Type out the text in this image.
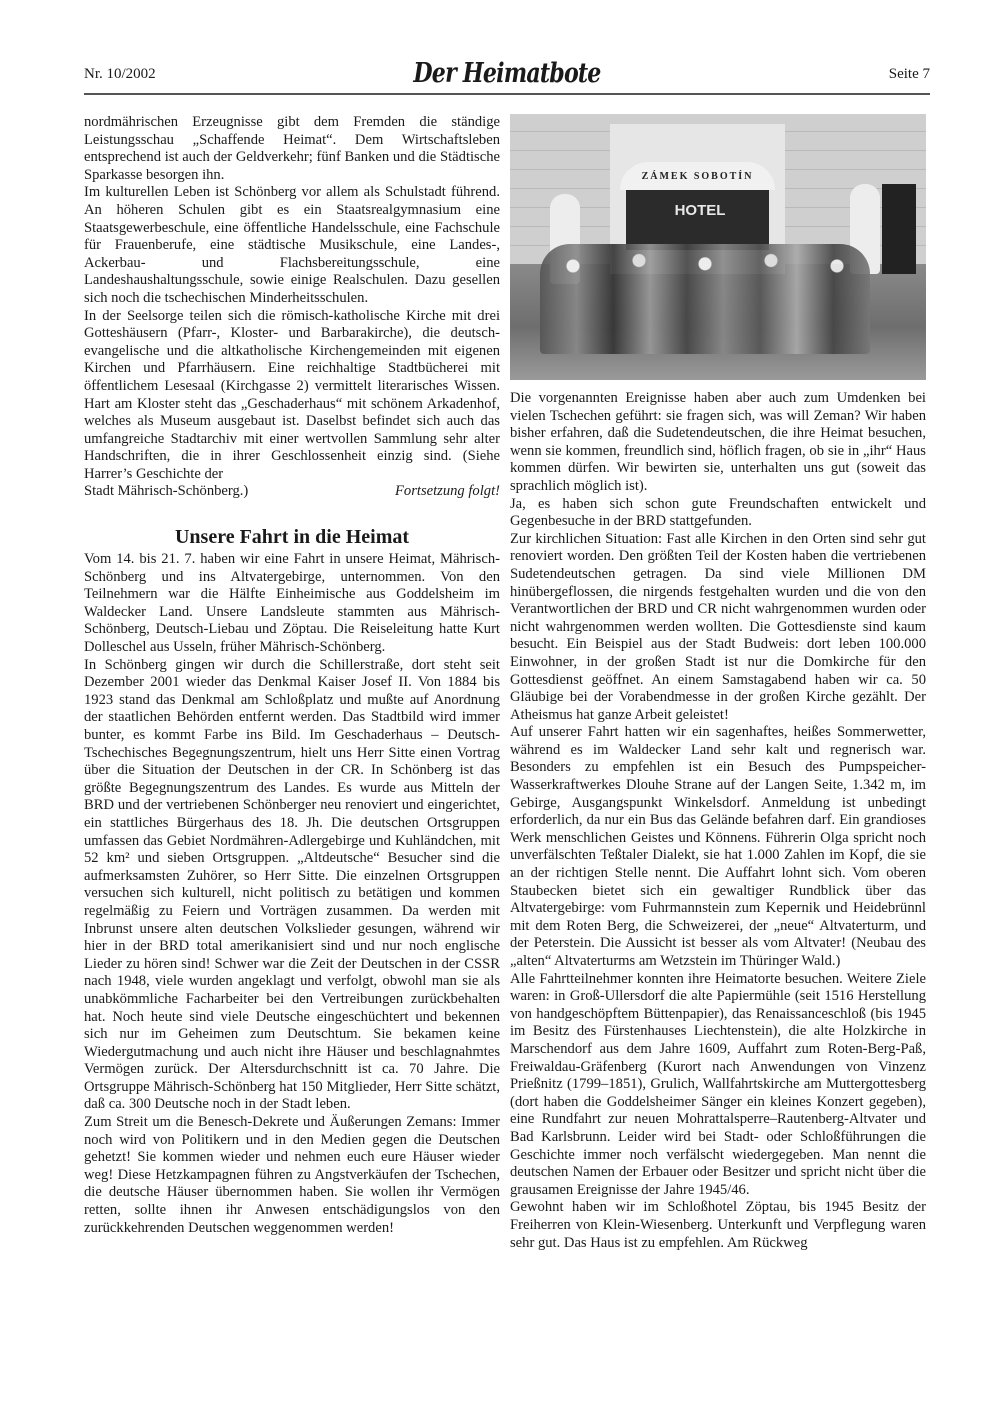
Nr. 10/2002	Der Heimatbote	Seite 7

nordmährischen Erzeugnisse gibt dem Fremden die ständige Leistungsschau „Schaffende Heimat“. Dem Wirtschaftsleben entsprechend ist auch der Geldverkehr; fünf Banken und die Städtische Sparkasse besorgen ihn.

Im kulturellen Leben ist Schönberg vor allem als Schulstadt führend. An höheren Schulen gibt es ein Staatsrealgymnasium eine Staatsgewerbeschule, eine öffentliche Handelsschule, eine Fachschule für Frauenberufe, eine städtische Musikschule, eine Landes-, Ackerbau- und Flachsbereitungsschule, eine Landeshaushaltungsschule, sowie einige Realschulen. Dazu gesellen sich noch die tschechischen Minderheitsschulen.

In der Seelsorge teilen sich die römisch-katholische Kirche mit drei Gotteshäusern (Pfarr-, Kloster- und Barbarakirche), die deutsch-evangelische und die altkatholische Kirchengemeinden mit eigenen Kirchen und Pfarrhäusern. Eine reichhaltige Stadtbücherei mit öffentlichem Lesesaal (Kirchgasse 2) vermittelt literarisches Wissen. Hart am Kloster steht das „Geschaderhaus“ mit schönem Arkadenhof, welches als Museum ausgebaut ist. Daselbst befindet sich auch das umfangreiche Stadtarchiv mit einer wertvollen Sammlung sehr alter Handschriften, die in ihrer Geschlossenheit einzig sind. (Siehe Harrer’s Geschichte der

Stadt Mährisch-Schönberg.)	Fortsetzung folgt!

Unsere Fahrt in die Heimat

Vom 14. bis 21. 7. haben wir eine Fahrt in unsere Heimat, Mährisch-Schönberg und ins Altvatergebirge, unternommen. Von den Teilnehmern war die Hälfte Einheimische aus Goddelsheim im Waldecker Land. Unsere Landsleute stammten aus Mährisch-Schönberg, Deutsch-Liebau und Zöptau. Die Reiseleitung hatte Kurt Dolleschel aus Usseln, früher Mährisch-Schönberg.

In Schönberg gingen wir durch die Schillerstraße, dort steht seit Dezember 2001 wieder das Denkmal Kaiser Josef II. Von 1884 bis 1923 stand das Denkmal am Schloßplatz und mußte auf Anordnung der staatlichen Behörden entfernt werden. Das Stadtbild wird immer bunter, es kommt Farbe ins Bild. Im Geschaderhaus – Deutsch-Tschechisches Begegnungszentrum, hielt uns Herr Sitte einen Vortrag über die Situation der Deutschen in der CR. In Schönberg ist das größte Begegnungszentrum des Landes. Es wurde aus Mitteln der BRD und der vertriebenen Schönberger neu renoviert und eingerichtet, ein stattliches Bürgerhaus des 18. Jh. Die deutschen Ortsgruppen umfassen das Gebiet Nordmähren-Adlergebirge und Kuhländchen, mit 52 km² und sieben Ortsgruppen. „Altdeutsche“ Besucher sind die aufmerksamsten Zuhörer, so Herr Sitte. Die einzelnen Ortsgruppen versuchen sich kulturell, nicht politisch zu betätigen und kommen regelmäßig zu Feiern und Vorträgen zusammen. Da werden mit Inbrunst unsere alten deutschen Volkslieder gesungen, während wir hier in der BRD total amerikanisiert sind und nur noch englische Lieder zu hören sind! Schwer war die Zeit der Deutschen in der CSSR nach 1948, viele wurden angeklagt und verfolgt, obwohl man sie als unabkömmliche Facharbeiter bei den Vertreibungen zurückbehalten hat. Noch heute sind viele Deutsche eingeschüchtert und bekennen sich nur im Geheimen zum Deutschtum. Sie bekamen keine Wiedergutmachung und auch nicht ihre Häuser und beschlagnahmtes Vermögen zurück. Der Altersdurchschnitt ist ca. 70 Jahre. Die Ortsgruppe Mährisch-Schönberg hat 150 Mitglieder, Herr Sitte schätzt, daß ca. 300 Deutsche noch in der Stadt leben.

Zum Streit um die Benesch-Dekrete und Äußerungen Zemans: Immer noch wird von Politikern und in den Medien gegen die Deutschen gehetzt! Sie kommen wieder und nehmen euch eure Häuser wieder weg! Diese Hetzkampagnen führen zu Angstverkäufen der Tschechen, die deutsche Häuser übernommen haben. Sie wollen ihr Vermögen retten, sollte ihnen ihr Anwesen entschädigungslos von den zurückkehrenden Deutschen weggenommen werden!

ZÁMEK SOBOTÍN
HOTEL

Die vorgenannten Ereignisse haben aber auch zum Umdenken bei vielen Tschechen geführt: sie fragen sich, was will Zeman? Wir haben bisher erfahren, daß die Sudetendeutschen, die ihre Heimat besuchen, wenn sie kommen, freundlich sind, höflich fragen, ob sie in „ihr“ Haus kommen dürfen. Wir bewirten sie, unterhalten uns gut (soweit das sprachlich möglich ist).

Ja, es haben sich schon gute Freundschaften entwickelt und Gegenbesuche in der BRD stattgefunden.

Zur kirchlichen Situation: Fast alle Kirchen in den Orten sind sehr gut renoviert worden. Den größten Teil der Kosten haben die vertriebenen Sudetendeutschen getragen. Da sind viele Millionen DM hinübergeflossen, die nirgends festgehalten wurden und die von den Verantwortlichen der BRD und CR nicht wahrgenommen wurden oder nicht wahrgenommen werden wollten. Die Gottesdienste sind kaum besucht. Ein Beispiel aus der Stadt Budweis: dort leben 100.000 Einwohner, in der großen Stadt ist nur die Domkirche für den Gottesdienst geöffnet. An einem Samstagabend haben wir ca. 50 Gläubige bei der Vorabendmesse in der großen Kirche gezählt. Der Atheismus hat ganze Arbeit geleistet!

Auf unserer Fahrt hatten wir ein sagenhaftes, heißes Sommerwetter, während es im Waldecker Land sehr kalt und regnerisch war. Besonders zu empfehlen ist ein Besuch des Pumpspeicher-Wasserkraftwerkes Dlouhe Strane auf der Langen Seite, 1.342 m, im Gebirge, Ausgangspunkt Winkelsdorf. Anmeldung ist unbedingt erforderlich, da nur ein Bus das Gelände befahren darf. Ein grandioses Werk menschlichen Geistes und Könnens. Führerin Olga spricht noch unverfälschten Teßtaler Dialekt, sie hat 1.000 Zahlen im Kopf, die sie an der richtigen Stelle nennt. Die Auffahrt lohnt sich. Vom oberen Staubecken bietet sich ein gewaltiger Rundblick über das Altvatergebirge: vom Fuhrmannstein zum Kepernik und Heidebrünnl mit dem Roten Berg, die Schweizerei, der „neue“ Altvaterturm, und der Peterstein. Die Aussicht ist besser als vom Altvater! (Neubau des „alten“ Altvaterturms am Wetzstein im Thüringer Wald.)

Alle Fahrtteilnehmer konnten ihre Heimatorte besuchen. Weitere Ziele waren: in Groß-Ullersdorf die alte Papiermühle (seit 1516 Herstellung von handgeschöpftem Büttenpapier), das Renaissanceschloß (bis 1945 im Besitz des Fürstenhauses Liechtenstein), die alte Holzkirche in Marschendorf aus dem Jahre 1609, Auffahrt zum Roten-Berg-Paß, Freiwaldau-Gräfenberg (Kurort nach Anwendungen von Vinzenz Prießnitz (1799–1851), Grulich, Wallfahrtskirche am Muttergottesberg (dort haben die Goddelsheimer Sänger ein kleines Konzert gegeben), eine Rundfahrt zur neuen Mohrattalsperre–Rautenberg-Altvater und Bad Karlsbrunn. Leider wird bei Stadt- oder Schloßführungen die Geschichte immer noch verfälscht wiedergegeben. Man nennt die deutschen Namen der Erbauer oder Besitzer und spricht nicht über die grausamen Ereignisse der Jahre 1945/46.

Gewohnt haben wir im Schloßhotel Zöptau, bis 1945 Besitz der Freiherren von Klein-Wiesenberg. Unterkunft und Verpflegung waren sehr gut. Das Haus ist zu empfehlen. Am Rückweg
